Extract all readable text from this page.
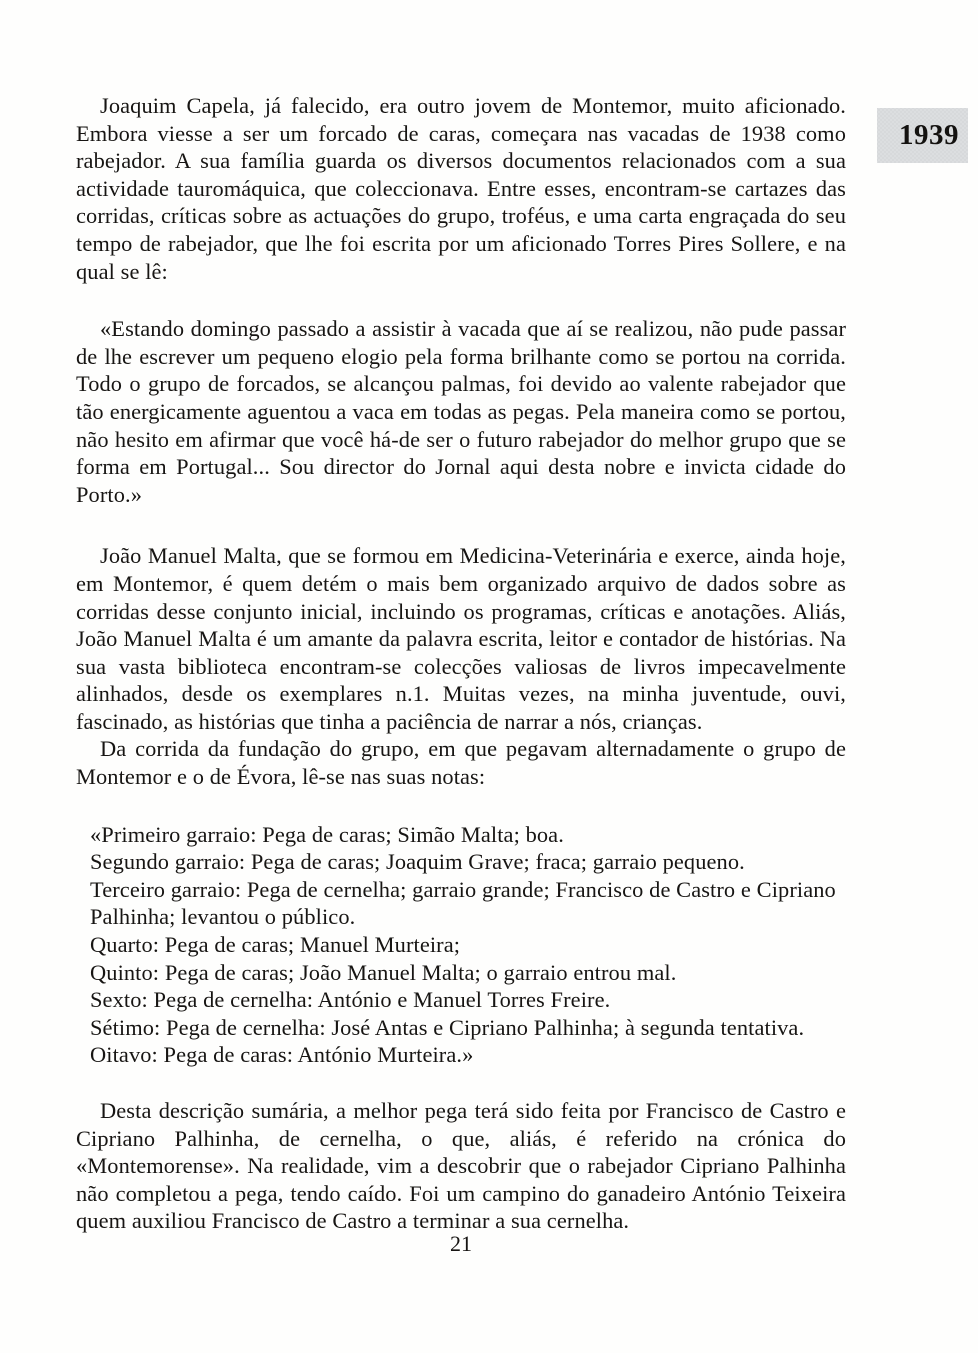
1939

Joaquim Capela, já falecido, era outro jovem de Montemor, muito aficionado. Embora viesse a ser um forcado de caras, começara nas vacadas de 1938 como rabejador. A sua família guarda os diversos documentos relacionados com a sua actividade tauromáquica, que coleccionava. Entre esses, encontram-se cartazes das corridas, críticas sobre as actuações do grupo, troféus, e uma carta engraçada do seu tempo de rabejador, que lhe foi escrita por um aficionado Torres Pires Sollere, e na qual se lê:

«Estando domingo passado a assistir à vacada que aí se realizou, não pude passar de lhe escrever um pequeno elogio pela forma brilhante como se portou na corrida. Todo o grupo de forcados, se alcançou palmas, foi devido ao valente rabejador que tão energicamente aguentou a vaca em todas as pegas. Pela maneira como se portou, não hesito em afirmar que você há-de ser o futuro rabejador do melhor grupo que se forma em Portugal... Sou director do Jornal aqui desta nobre e invicta cidade do Porto.»

João Manuel Malta, que se formou em Medicina-Veterinária e exerce, ainda hoje, em Montemor, é quem detém o mais bem organizado arquivo de dados sobre as corridas desse conjunto inicial, incluindo os programas, críticas e anotações. Aliás, João Manuel Malta é um amante da palavra escrita, leitor e contador de histórias. Na sua vasta biblioteca encontram-se colecções valiosas de livros impecavelmente alinhados, desde os exemplares n.1. Muitas vezes, na minha juventude, ouvi, fascinado, as histórias que tinha a paciência de narrar a nós, crianças.

Da corrida da fundação do grupo, em que pegavam alternadamente o grupo de Montemor e o de Évora, lê-se nas suas notas:

«Primeiro garraio: Pega de caras; Simão Malta; boa.

Segundo garraio: Pega de caras; Joaquim Grave; fraca; garraio pequeno.

Terceiro garraio: Pega de cernelha; garraio grande; Francisco de Castro e Cipriano Palhinha; levantou o público.

Quarto: Pega de caras; Manuel Murteira;

Quinto: Pega de caras; João Manuel Malta; o garraio entrou mal.

Sexto: Pega de cernelha: António e Manuel Torres Freire.

Sétimo: Pega de cernelha: José Antas e Cipriano Palhinha; à segunda tentativa.

Oitavo: Pega de caras: António Murteira.»

Desta descrição sumária, a melhor pega terá sido feita por Francisco de Castro e Cipriano Palhinha, de cernelha, o que, aliás, é referido na crónica do «Montemorense». Na realidade, vim a descobrir que o rabejador Cipriano Palhinha não completou a pega, tendo caído. Foi um campino do ganadeiro António Teixeira quem auxiliou Francisco de Castro a terminar a sua cernelha.

21
